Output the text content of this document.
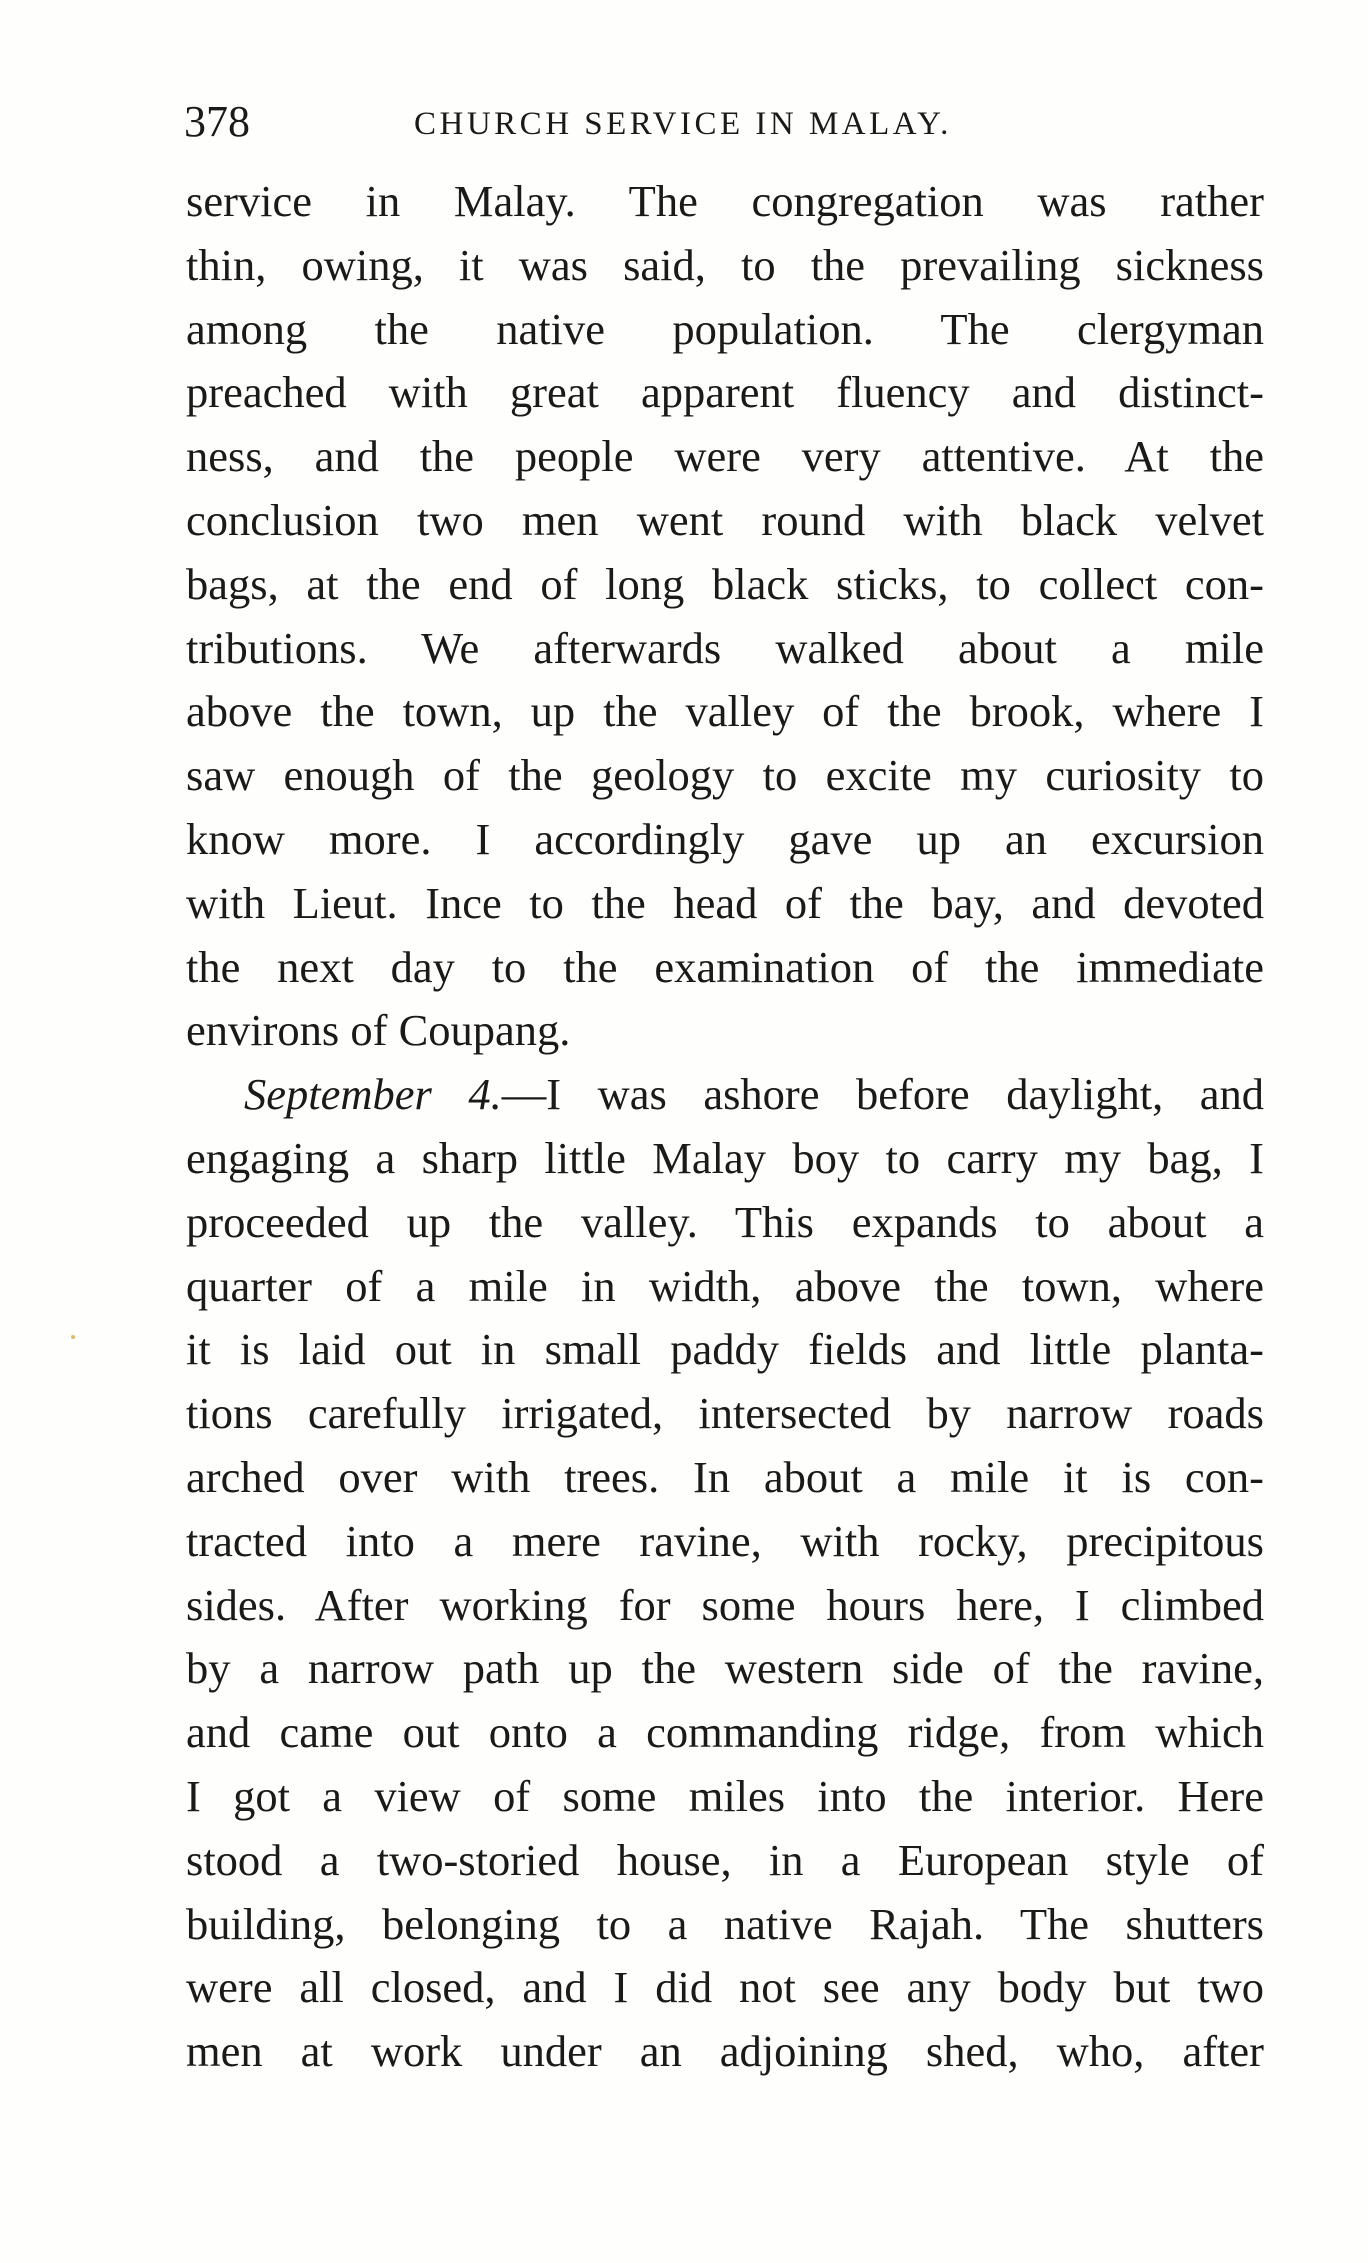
378	CHURCH SERVICE IN MALAY.
service in Malay. The congregation was rather
thin, owing, it was said, to the prevailing sickness
among the native population. The clergyman
preached with great apparent fluency and distinct-
ness, and the people were very attentive. At the
conclusion two men went round with black velvet
bags, at the end of long black sticks, to collect con-
tributions. We afterwards walked about a mile
above the town, up the valley of the brook, where I
saw enough of the geology to excite my curiosity to
know more. I accordingly gave up an excursion
with Lieut. Ince to the head of the bay, and devoted
the next day to the examination of the immediate
environs of Coupang.
September 4.—I was ashore before daylight, and
engaging a sharp little Malay boy to carry my bag, I
proceeded up the valley. This expands to about a
quarter of a mile in width, above the town, where
it is laid out in small paddy fields and little planta-
tions carefully irrigated, intersected by narrow roads
arched over with trees. In about a mile it is con-
tracted into a mere ravine, with rocky, precipitous
sides. After working for some hours here, I climbed
by a narrow path up the western side of the ravine,
and came out onto a commanding ridge, from which
I got a view of some miles into the interior. Here
stood a two-storied house, in a European style of
building, belonging to a native Rajah. The shutters
were all closed, and I did not see any body but two
men at work under an adjoining shed, who, after
